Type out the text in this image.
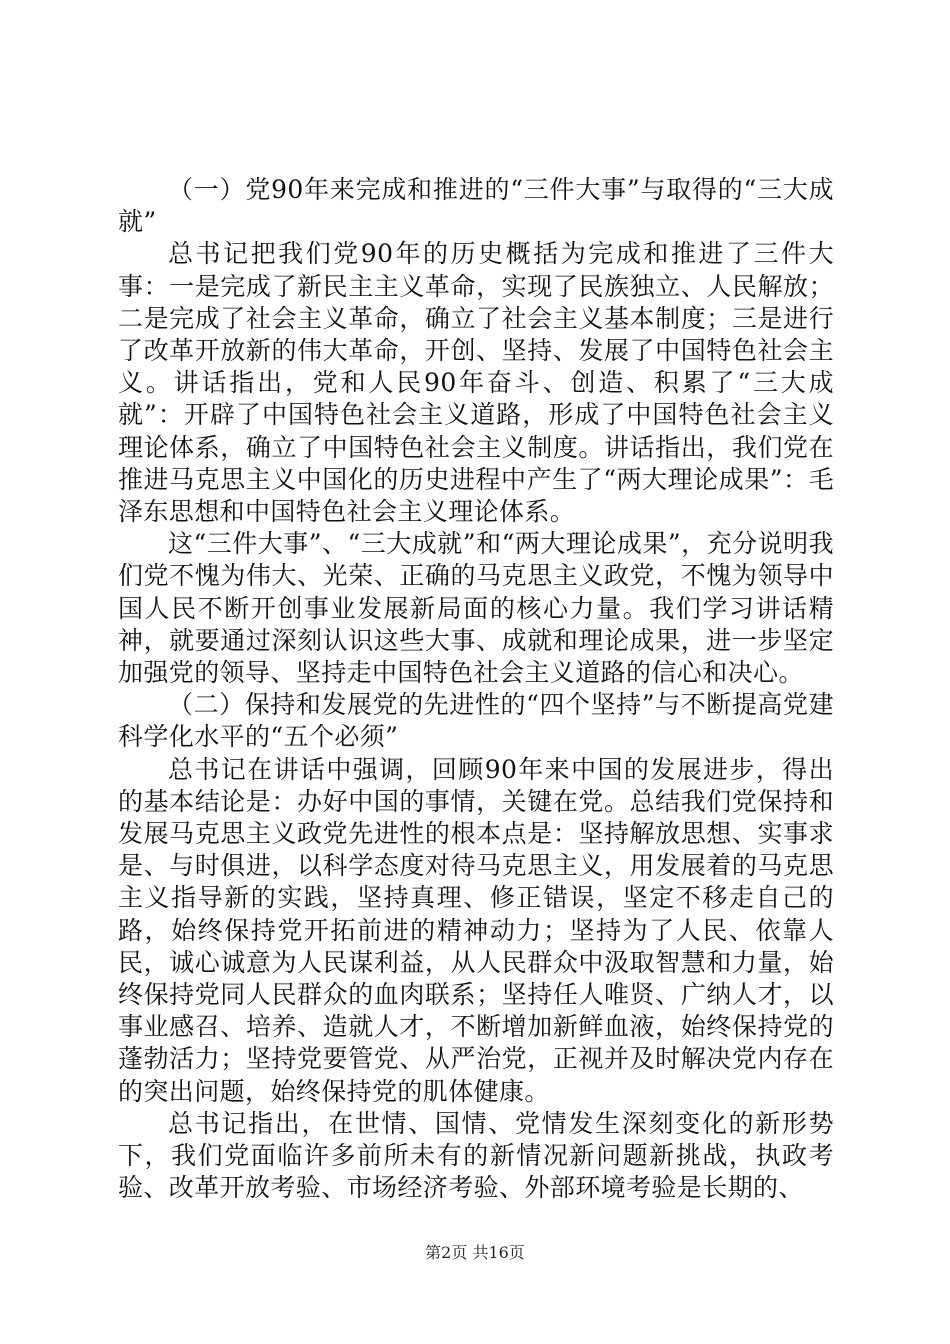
（一）党90年来完成和推进的“三件大事”与取得的“三大成就”

总书记把我们党90年的历史概括为完成和推进了三件大事：一是完成了新民主主义革命，实现了民族独立、人民解放；二是完成了社会主义革命，确立了社会主义基本制度；三是进行了改革开放新的伟大革命，开创、坚持、发展了中国特色社会主义。讲话指出，党和人民90年奋斗、创造、积累了“三大成就”：开辟了中国特色社会主义道路，形成了中国特色社会主义理论体系，确立了中国特色社会主义制度。讲话指出，我们党在推进马克思主义中国化的历史进程中产生了“两大理论成果”：毛泽东思想和中国特色社会主义理论体系。

这“三件大事”、“三大成就”和“两大理论成果”，充分说明我们党不愧为伟大、光荣、正确的马克思主义政党，不愧为领导中国人民不断开创事业发展新局面的核心力量。我们学习讲话精神，就要通过深刻认识这些大事、成就和理论成果，进一步坚定加强党的领导、坚持走中国特色社会主义道路的信心和决心。

（二）保持和发展党的先进性的“四个坚持”与不断提高党建科学化水平的“五个必须”

总书记在讲话中强调，回顾90年来中国的发展进步，得出的基本结论是：办好中国的事情，关键在党。总结我们党保持和发展马克思主义政党先进性的根本点是：坚持解放思想、实事求是、与时俱进，以科学态度对待马克思主义，用发展着的马克思主义指导新的实践，坚持真理、修正错误，坚定不移走自己的路，始终保持党开拓前进的精神动力；坚持为了人民、依靠人民，诚心诚意为人民谋利益，从人民群众中汲取智慧和力量，始终保持党同人民群众的血肉联系；坚持任人唯贤、广纳人才，以事业感召、培养、造就人才，不断增加新鲜血液，始终保持党的蓬勃活力；坚持党要管党、从严治党，正视并及时解决党内存在的突出问题，始终保持党的肌体健康。

总书记指出，在世情、国情、党情发生深刻变化的新形势下，我们党面临许多前所未有的新情况新问题新挑战，执政考验、改革开放考验、市场经济考验、外部环境考验是长期的、

第2页 共16页
